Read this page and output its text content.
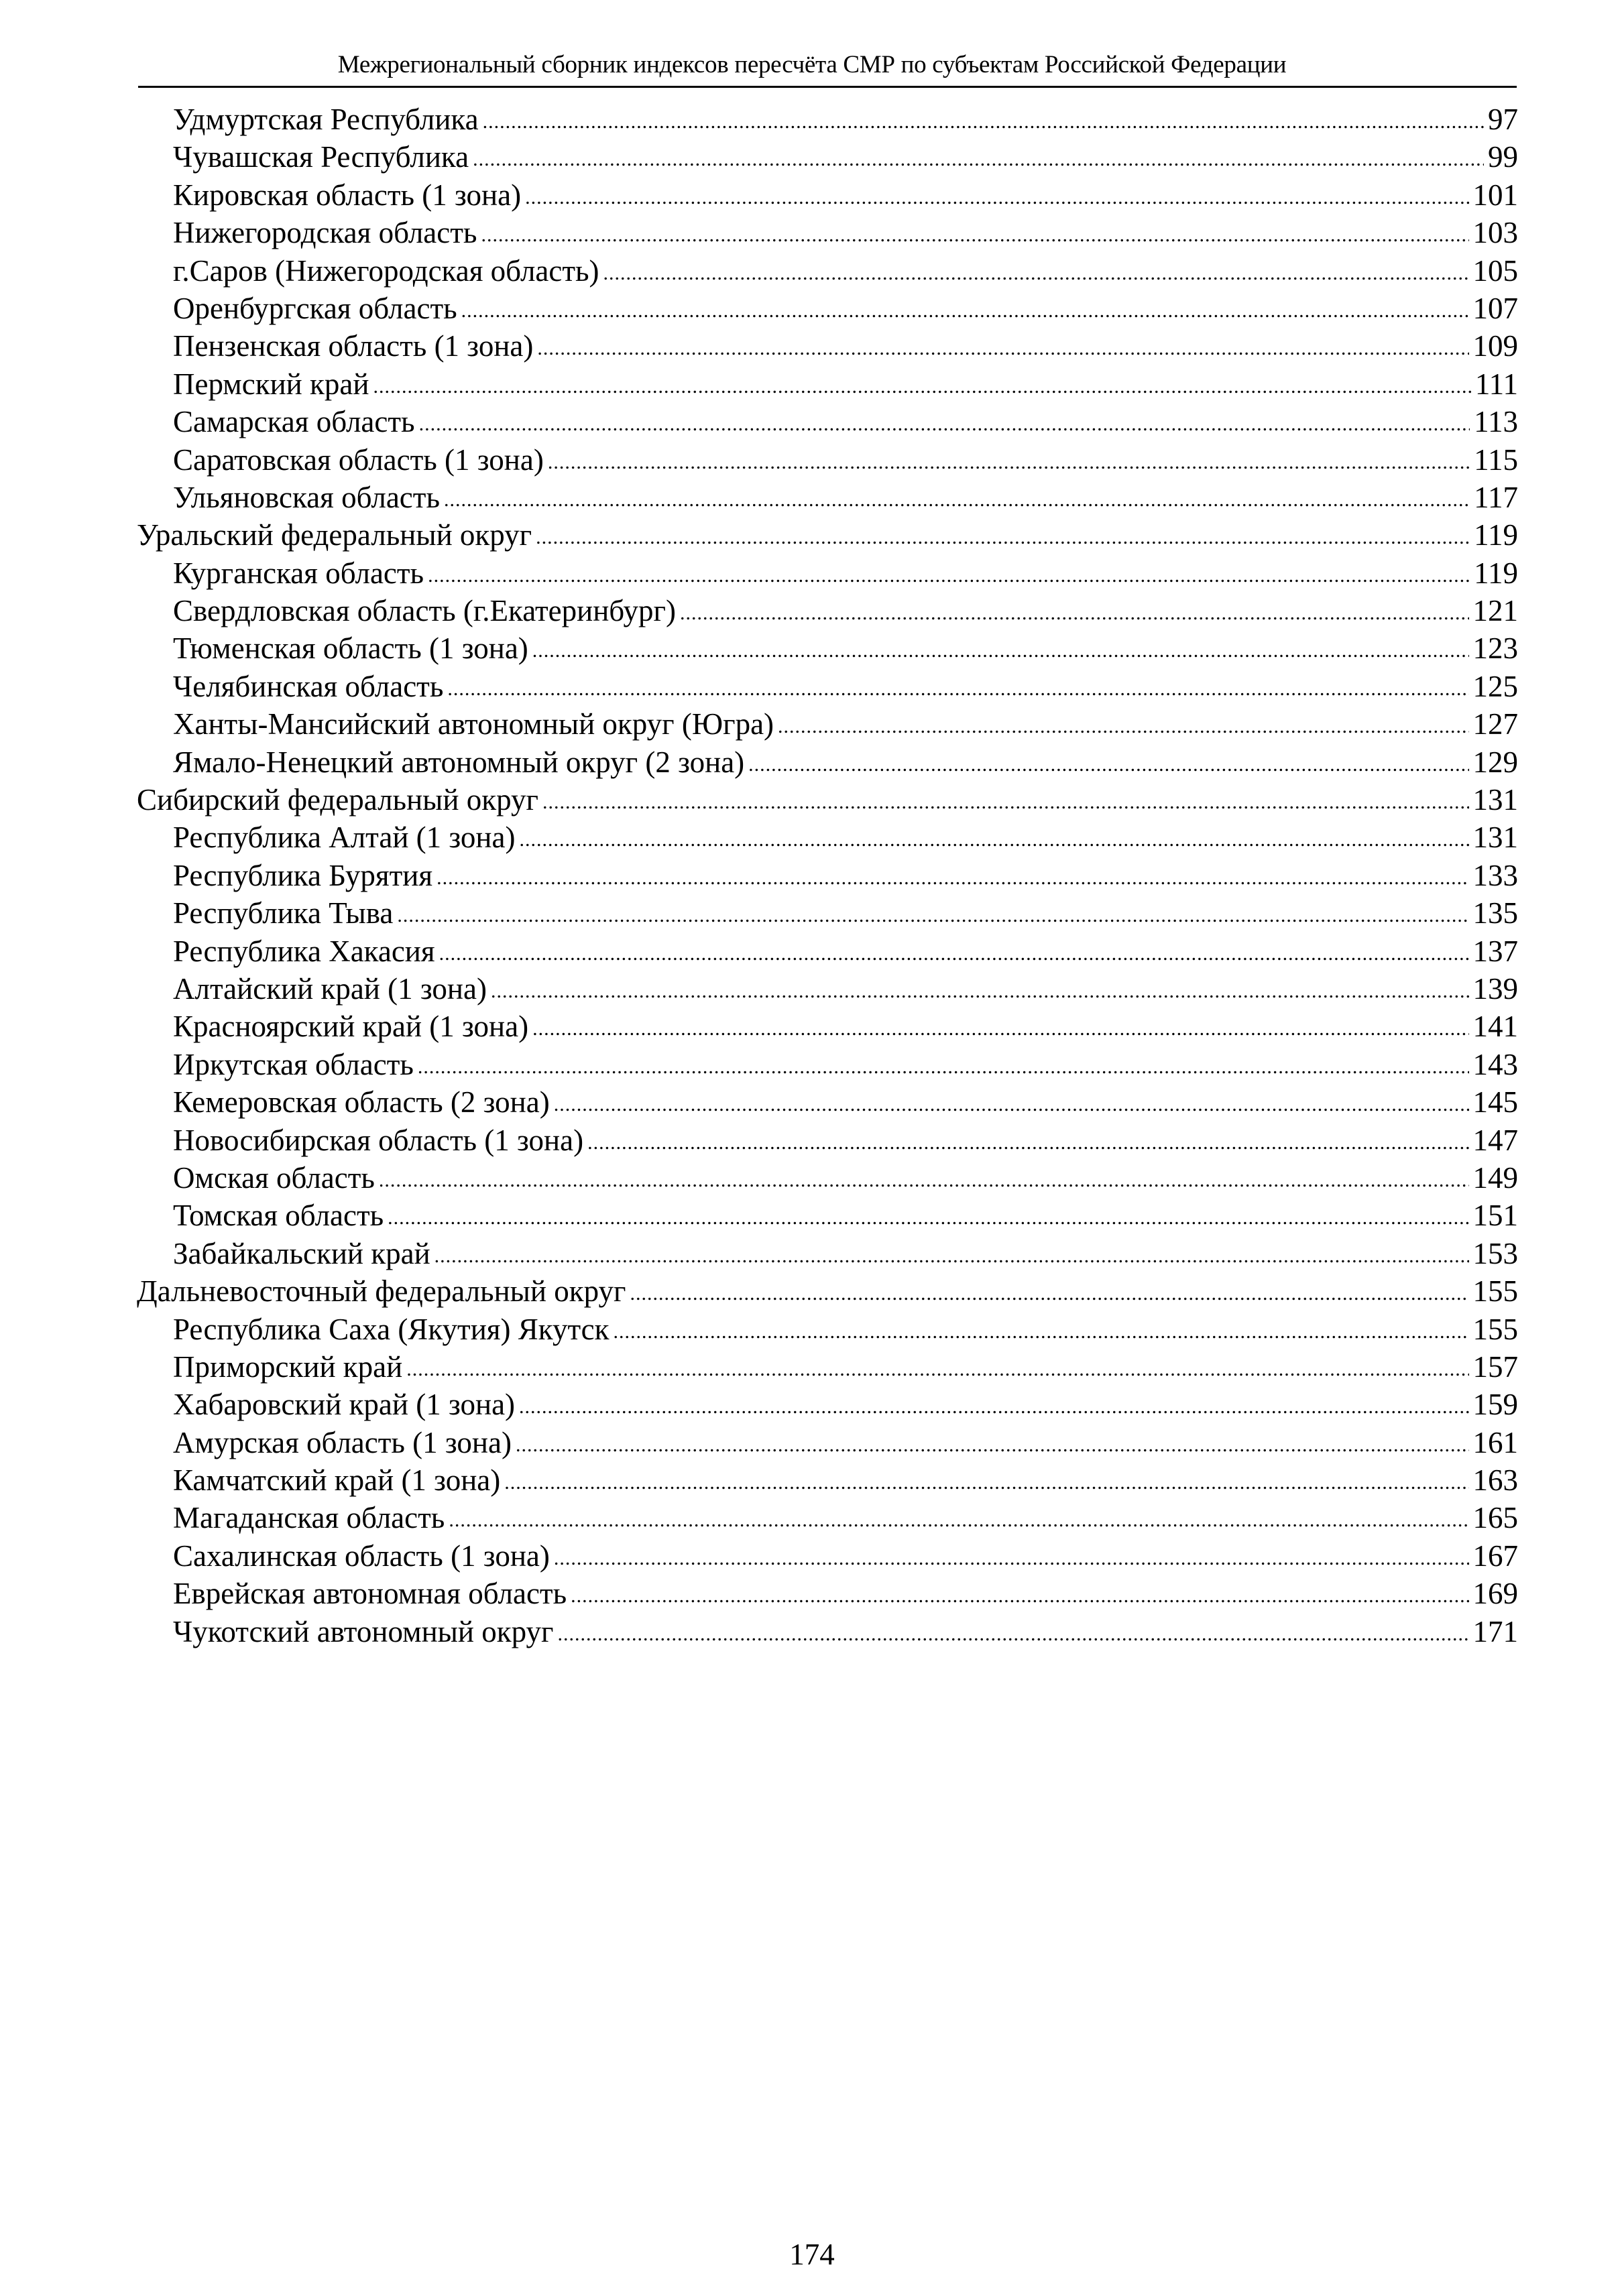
Межрегиональный сборник индексов пересчёта СМР по субъектам Российской Федерации
Удмуртская Республика .....	97
Чувашская Республика .....	99
Кировская область (1 зона) .....	101
Нижегородская область .....	103
г.Саров (Нижегородская область) .....	105
Оренбургская область .....	107
Пензенская область (1 зона) .....	109
Пермский край .....	111
Самарская область .....	113
Саратовская область (1 зона) .....	115
Ульяновская область .....	117
Уральский федеральный округ .....	119
Курганская область .....	119
Свердловская область (г.Екатеринбург) .....	121
Тюменская область (1 зона) .....	123
Челябинская область .....	125
Ханты-Мансийский автономный округ (Югра) .....	127
Ямало-Ненецкий автономный округ (2 зона) .....	129
Сибирский федеральный округ .....	131
Республика Алтай (1 зона) .....	131
Республика Бурятия .....	133
Республика Тыва .....	135
Республика Хакасия .....	137
Алтайский край (1 зона) .....	139
Красноярский край (1 зона) .....	141
Иркутская область .....	143
Кемеровская область (2 зона) .....	145
Новосибирская область (1 зона) .....	147
Омская область .....	149
Томская область .....	151
Забайкальский край .....	153
Дальневосточный федеральный округ .....	155
Республика Саха (Якутия) Якутск .....	155
Приморский край .....	157
Хабаровский край (1 зона) .....	159
Амурская область (1 зона) .....	161
Камчатский край (1 зона) .....	163
Магаданская область .....	165
Сахалинская область (1 зона) .....	167
Еврейская автономная область .....	169
Чукотский автономный округ .....	171
174
